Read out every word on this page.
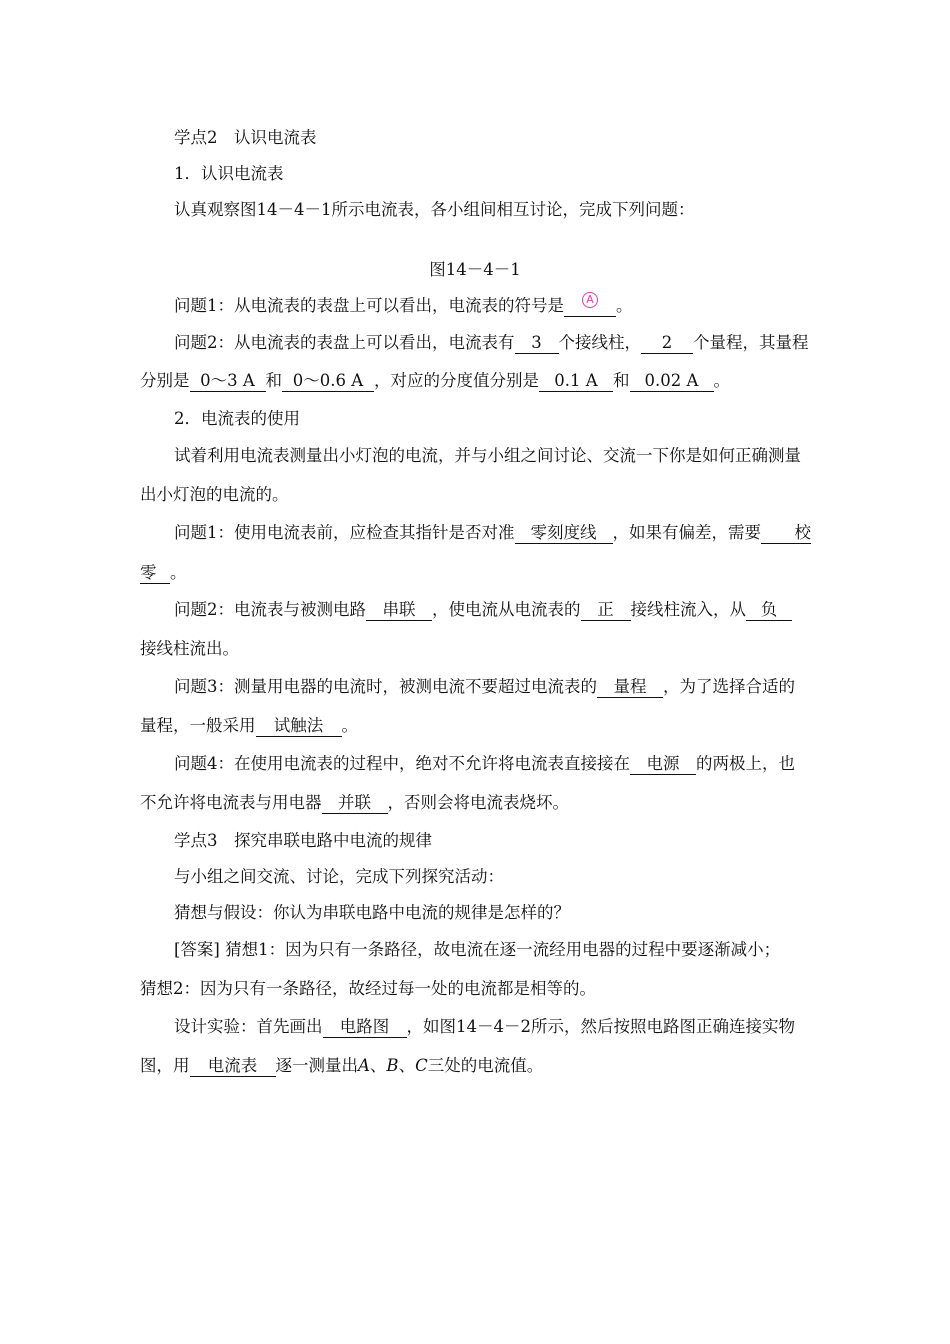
学点2　认识电流表
1．认识电流表
认真观察图14－4－1所示电流表，各小组间相互讨论，完成下列问题：
图14－4－1
问题1：从电流表的表盘上可以看出，电流表的符号是 A 。
问题2：从电流表的表盘上可以看出，电流表有 3 个接线柱， 2 个量程，其量程
分别是 0～3 A 和 0～0.6 A ，对应的分度值分别是 0.1 A 和 0.02 A 。
2．电流表的使用
试着利用电流表测量出小灯泡的电流，并与小组之间讨论、交流一下你是如何正确测量
出小灯泡的电流的。
问题1：使用电流表前，应检查其指针是否对准 零刻度线 ，如果有偏差，需要 校
零 。
问题2：电流表与被测电路 串联 ，使电流从电流表的 正 接线柱流入，从 负
接线柱流出。
问题3：测量用电器的电流时，被测电流不要超过电流表的 量程 ，为了选择合适的
量程，一般采用 试触法 。
问题4：在使用电流表的过程中，绝对不允许将电流表直接接在 电源 的两极上，也
不允许将电流表与用电器 并联 ，否则会将电流表烧坏。
学点3　探究串联电路中电流的规律
与小组之间交流、讨论，完成下列探究活动：
猜想与假设：你认为串联电路中电流的规律是怎样的？
[答案] 猜想1：因为只有一条路径，故电流在逐一流经用电器的过程中要逐渐减小；
猜想2：因为只有一条路径，故经过每一处的电流都是相等的。
设计实验：首先画出 电路图 ，如图14－4－2所示，然后按照电路图正确连接实物
图，用 电流表 逐一测量出A、B、C三处的电流值。
